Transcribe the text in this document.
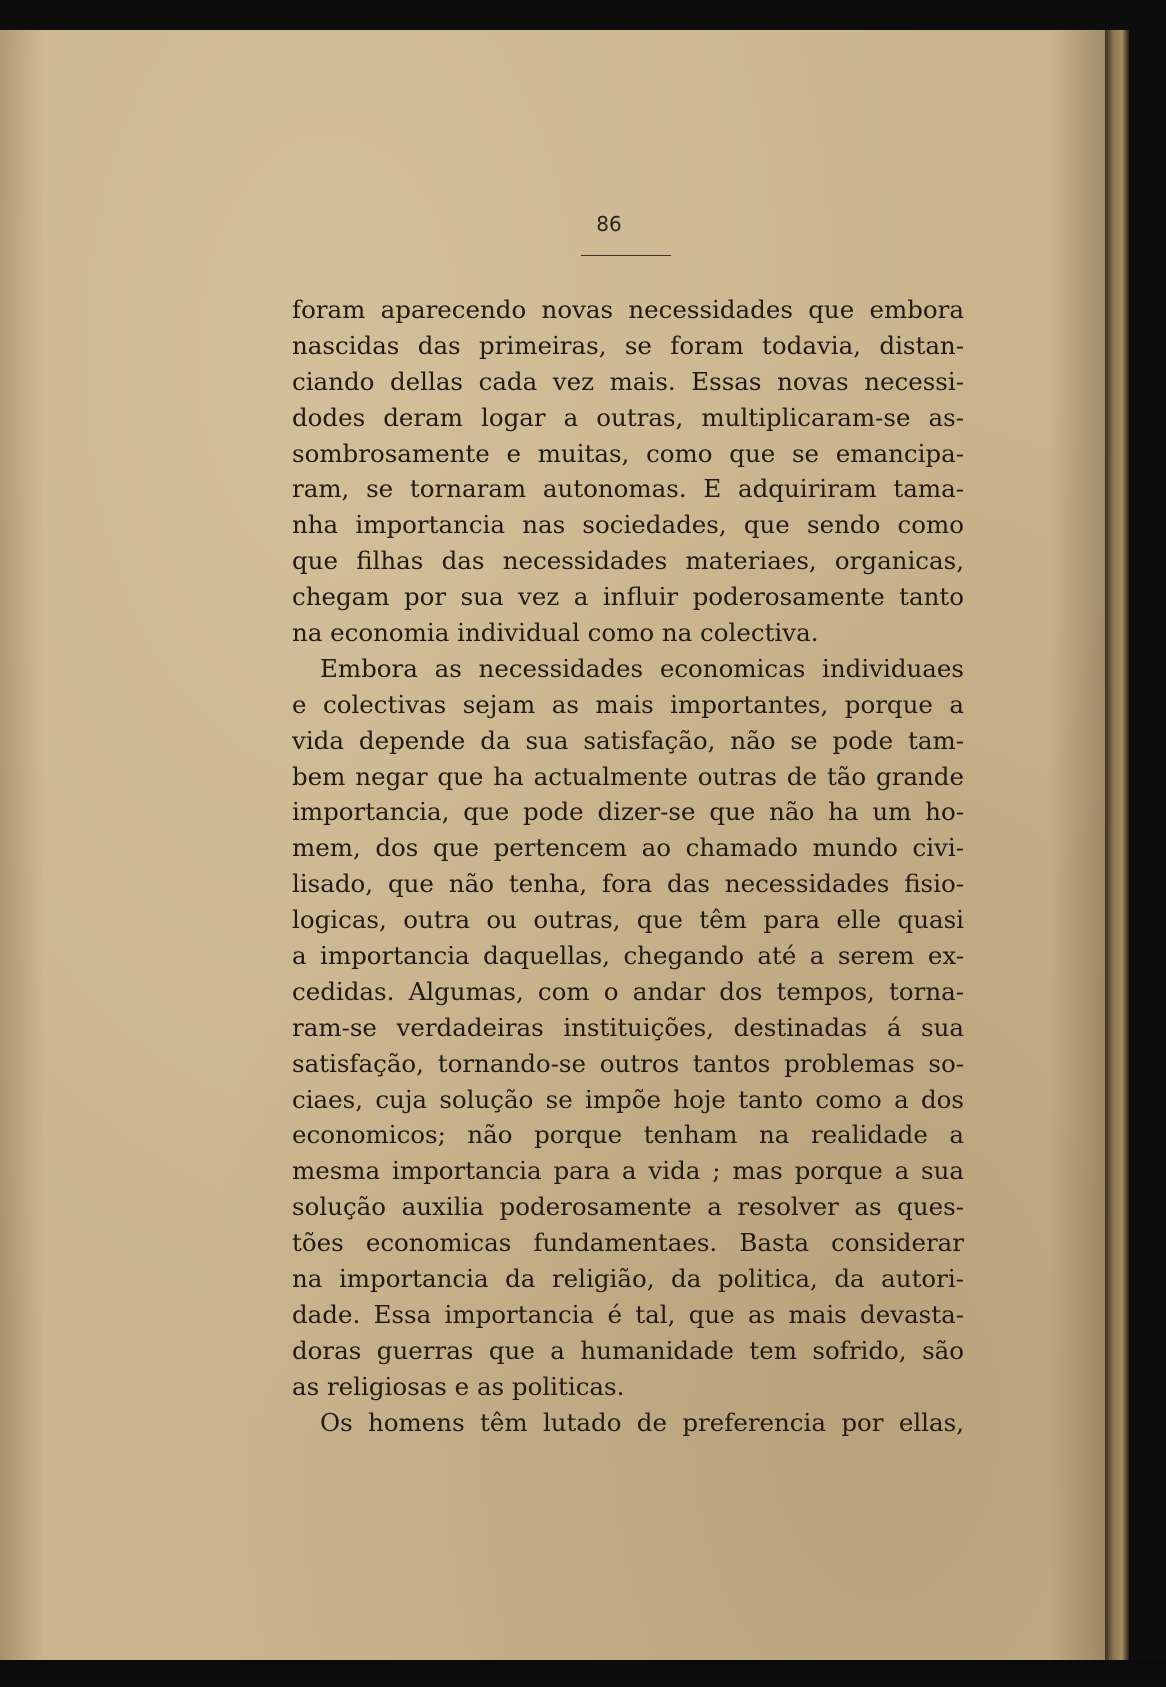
86
foram aparecendo novas necessidades que embora
nascidas das primeiras, se foram todavia, distan-
ciando dellas cada vez mais. Essas novas necessi-
dodes deram logar a outras, multiplicaram-se as-
sombrosamente e muitas, como que se emancipa-
ram, se tornaram autonomas. E adquiriram tama-
nha importancia nas sociedades, que sendo como
que filhas das necessidades materiaes, organicas,
chegam por sua vez a influir poderosamente tanto
na economia individual como na colectiva.
Embora as necessidades economicas individuaes
e colectivas sejam as mais importantes, porque a
vida depende da sua satisfação, não se pode tam-
bem negar que ha actualmente outras de tão grande
importancia, que pode dizer-se que não ha um ho-
mem, dos que pertencem ao chamado mundo civi-
lisado, que não tenha, fora das necessidades fisio-
logicas, outra ou outras, que têm para elle quasi
a importancia daquellas, chegando até a serem ex-
cedidas. Algumas, com o andar dos tempos, torna-
ram-se verdadeiras instituições, destinadas á sua
satisfação, tornando-se outros tantos problemas so-
ciaes, cuja solução se impõe hoje tanto como a dos
economicos; não porque tenham na realidade a
mesma importancia para a vida ; mas porque a sua
solução auxilia poderosamente a resolver as ques-
tões economicas fundamentaes. Basta considerar
na importancia da religião, da politica, da autori-
dade. Essa importancia é tal, que as mais devasta-
doras guerras que a humanidade tem sofrido, são
as religiosas e as politicas.
Os homens têm lutado de preferencia por ellas,
